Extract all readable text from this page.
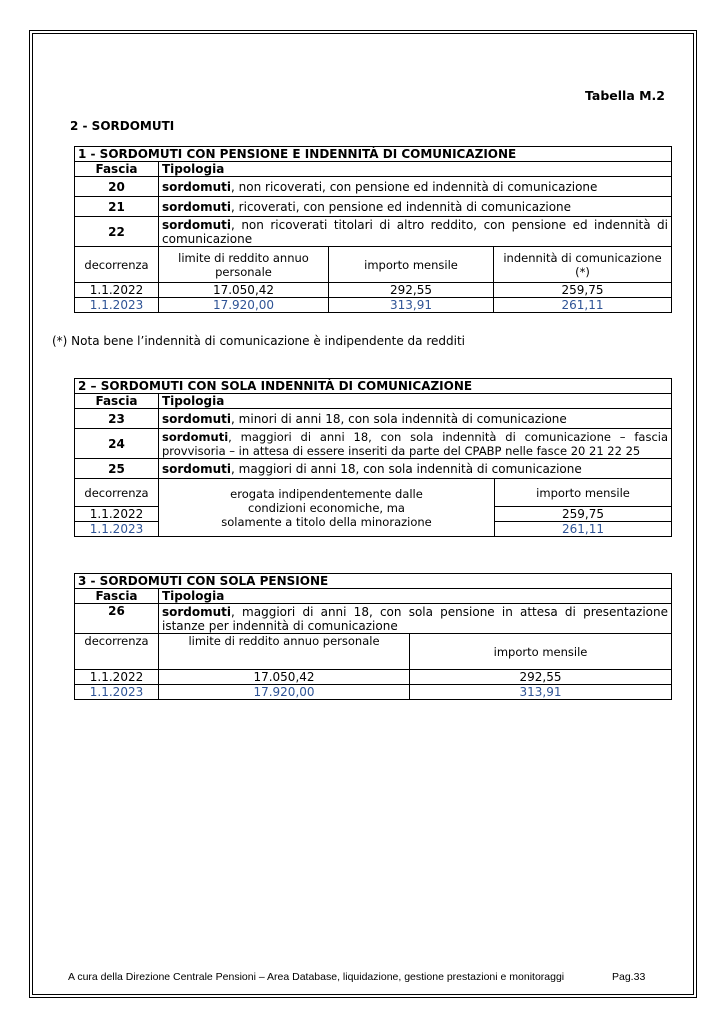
Tabella M.2
2 - SORDOMUTI
1 - SORDOMUTI CON PENSIONE E INDENNITÀ DI COMUNICAZIONE			
Fascia	Tipologia		
20	sordomuti, non ricoverati, con pensione ed indennità di comunicazione		
21	sordomuti, ricoverati, con pensione ed indennità di comunicazione		
22	sordomuti, non ricoverati titolari di altro reddito, con pensione ed indennità di comunicazione		
decorrenza	limite di reddito annuo personale	importo mensile	indennità di comunicazione (*)
1.1.2022	17.050,42	292,55	259,75
1.1.2023	17.920,00	313,91	261,11
(*) Nota bene l’indennità di comunicazione è indipendente da redditi
2 – SORDOMUTI CON SOLA INDENNITÀ DI COMUNICAZIONE		
Fascia	Tipologia	
23	sordomuti, minori di anni 18, con sola indennità di comunicazione	
24	sordomuti, maggiori di anni 18, con sola indennità di comunicazione – fascia provvisoria – in attesa di essere inseriti da parte del CPABP nelle fasce 20 21 22 25	
25	sordomuti, maggiori di anni 18, con sola indennità di comunicazione	
decorrenza	erogata indipendentemente dalle condizioni economiche, ma solamente a titolo della minorazione	importo mensile
1.1.2022		259,75
1.1.2023		261,11
3 - SORDOMUTI CON SOLA PENSIONE		
Fascia	Tipologia	
26	sordomuti, maggiori di anni 18, con sola pensione in attesa di presentazione istanze per indennità di comunicazione	
decorrenza	limite di reddito annuo personale	importo mensile
1.1.2022	17.050,42	292,55
1.1.2023	17.920,00	313,91
A cura della Direzione Centrale Pensioni – Area Database, liquidazione, gestione prestazioni e monitoraggi	Pag.33
